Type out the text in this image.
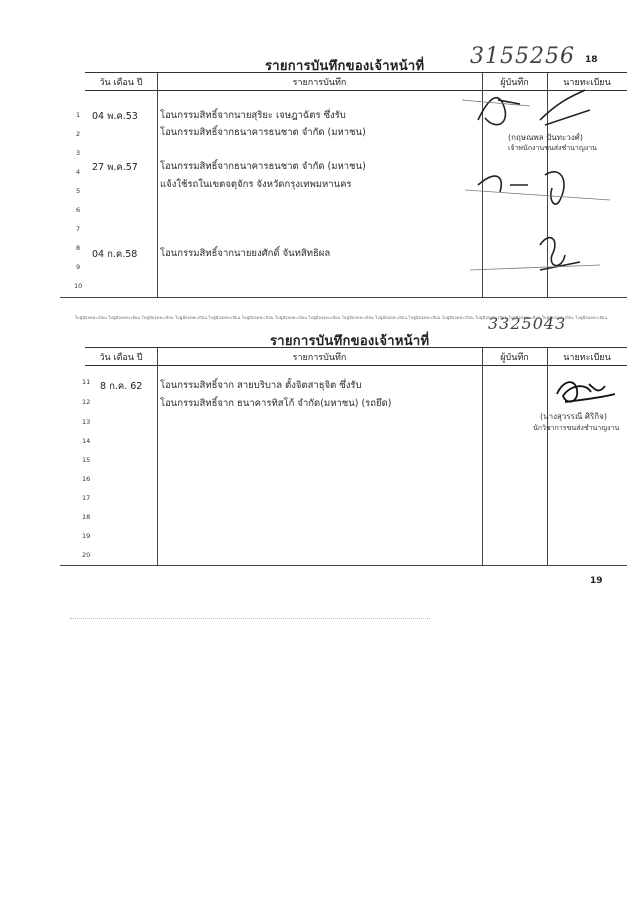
3155256 18
รายการบันทึกของเจ้าหน้าที่
วัน เดือน ปี	รายการบันทึก	ผู้บันทึก	นายทะเบียน
1
2
3
4
5
6
7
8
9
10
04 พ.ค.53 โอนกรรมสิทธิ์จากนายสุริยะ เจษฎาฉัตร ซึ่งรับ
โอนกรรมสิทธิ์จากธนาคารธนชาต จำกัด (มหาชน)
27 พ.ค.57 โอนกรรมสิทธิ์จากธนาคารธนชาต จำกัด (มหาชน)
แจ้งใช้รถในเขตจตุจักร จังหวัดกรุงเทพมหานคร
04 ก.ค.58 โอนกรรมสิทธิ์จากนายยงศักดิ์ จันทสิทธิผล
(กฤษณพล ปันทะวงศ์)
เจ้าพนักงานขนส่งชำนาญงาน
ใบคู่มือจดทะเบียน ใบคู่มือจดทะเบียน ใบคู่มือจดทะเบียน ใบคู่มือจดทะเบียน ใบคู่มือจดทะเบียน ใบคู่มือจดทะเบียน ใบคู่มือจดทะเบียน ใบคู่มือจดทะเบียน ใบคู่มือจดทะเบียน ใบคู่มือจดทะเบียน ใบคู่มือจดทะเบียน ใบคู่มือจดทะเบียน ใบคู่มือจดทะเบียน ใบคู่มือจดทะเบียน ใบคู่มือจดทะเบียน ใบคู่มือจดทะเบียน
3325043
รายการบันทึกของเจ้าหน้าที่
วัน เดือน ปี	รายการบันทึก	ผู้บันทึก	นายทะเบียน
11
12
13
14
15
16
17
18
19
20
8 ก.ค. 62 โอนกรรมสิทธิ์จาก สายบริบาล ตั้งจิตสาธุจิต ซึ่งรับ
โอนกรรมสิทธิ์จาก ธนาคารทิสโก้ จำกัด(มหาชน) (รถยึด)
(นางสุวรรณี ศิริกิจ)
นักวิชาการขนส่งชำนาญงาน
19
